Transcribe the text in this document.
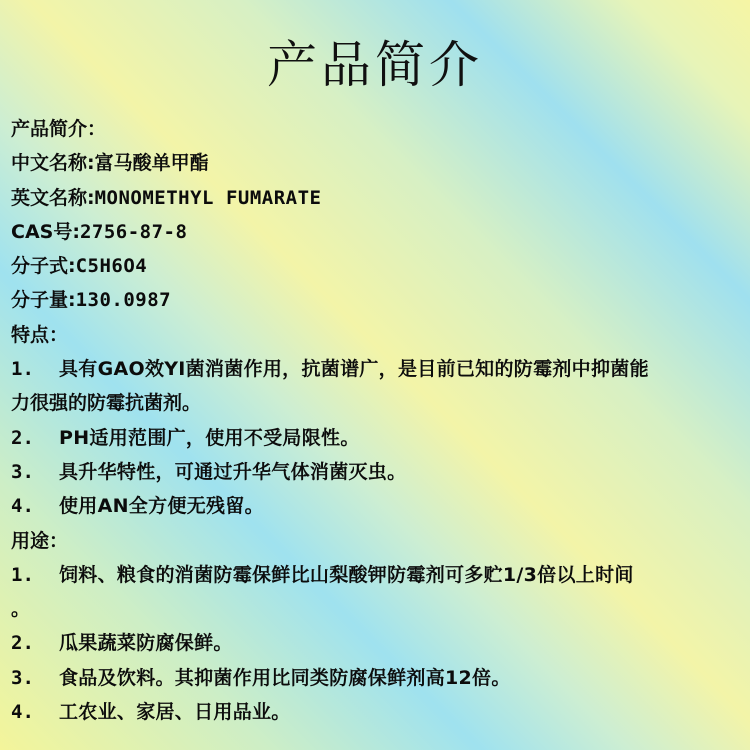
产品简介
产品简介：
中文名称:富马酸单甲酯
英文名称:MONOMETHYL FUMARATE
CAS号:2756-87-8
分子式:C5H6O4
分子量:130.0987
特点：
1. 具有GAO效YI菌消菌作用，抗菌谱广，是目前已知的防霉剂中抑菌能
力很强的防霉抗菌剂。
2. PH适用范围广，使用不受局限性。
3. 具升华特性，可通过升华气体消菌灭虫。
4. 使用AN全方便无残留。
用途：
1. 饲料、粮食的消菌防霉保鲜比山梨酸钾防霉剂可多贮1/3倍以上时间
。
2. 瓜果蔬菜防腐保鲜。
3. 食品及饮料。其抑菌作用比同类防腐保鲜剂高12倍。
4. 工农业、家居、日用品业。
